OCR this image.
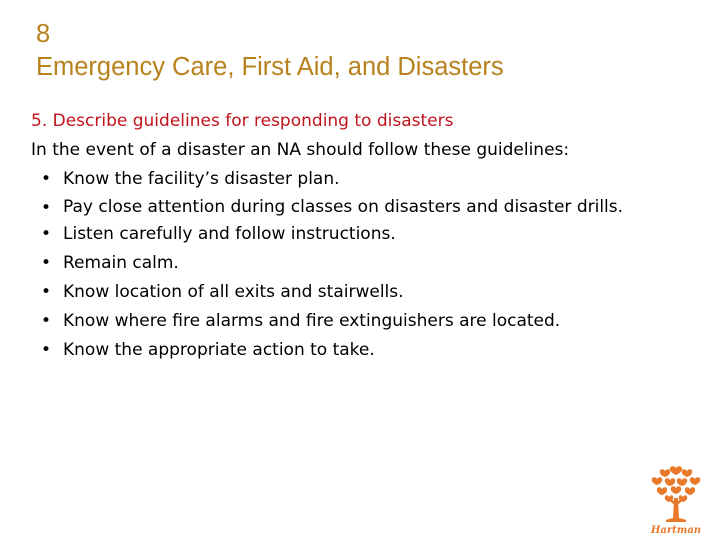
8
Emergency Care, First Aid, and Disasters
5. Describe guidelines for responding to disasters
In the event of a disaster an NA should follow these guidelines:
• Know the facility’s disaster plan.
• Pay close attention during classes on disasters and disaster drills.
• Listen carefully and follow instructions.
• Remain calm.
• Know location of all exits and stairwells.
• Know where fire alarms and fire extinguishers are located.
• Know the appropriate action to take.
Hartman
